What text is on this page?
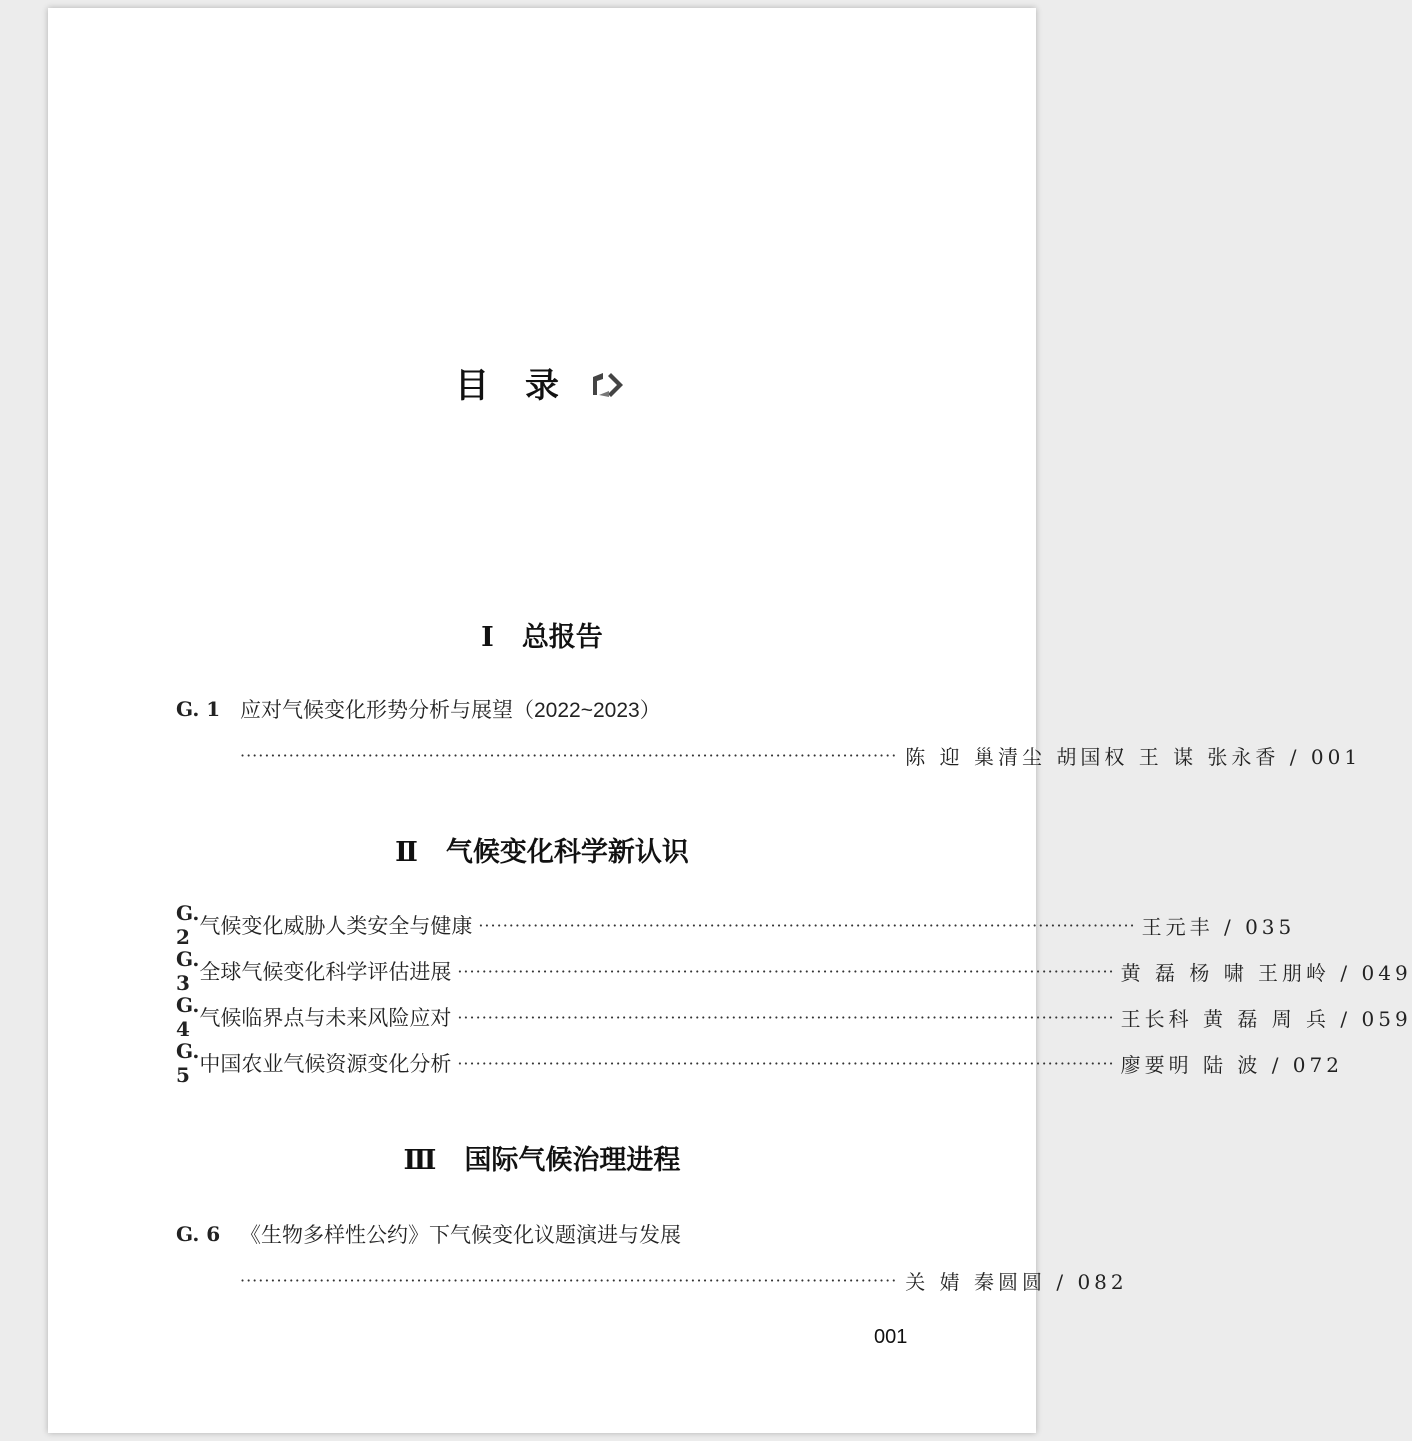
目 录
Ⅰ 总报告
G. 1 应对气候变化形势分析与展望（2022~2023）
············································································································ 陈 迎 巢清尘 胡国权 王 谋 张永香 / 001
Ⅱ 气候变化科学新认识
G. 2 气候变化威胁人类安全与健康 ············································································································ 王元丰 / 035
G. 3 全球气候变化科学评估进展 ············································································································ 黄 磊 杨 啸 王朋岭 / 049
G. 4 气候临界点与未来风险应对 ············································································································ 王长科 黄 磊 周 兵 / 059
G. 5 中国农业气候资源变化分析 ············································································································ 廖要明 陆 波 / 072
Ⅲ 国际气候治理进程
G. 6 《生物多样性公约》下气候变化议题演进与发展
············································································································ 关 婧 秦圆圆 / 082
001
